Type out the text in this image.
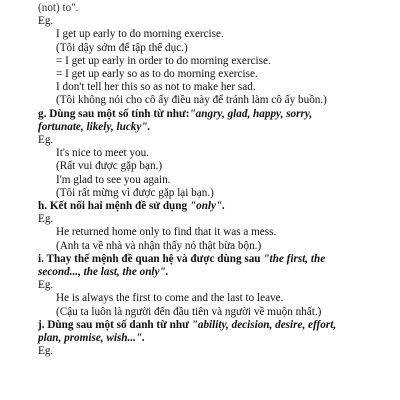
(not) to".
Eg.
I get up early to do morning exercise.
(Tôi dậy sớm để tập thể dục.)
= I get up early in order to do morning exercise.
= I get up early so as to do morning exercise.
I don't tell her this so as not to make her sad.
(Tôi không nói cho cô ấy điều này để tránh làm cô ấy buồn.)
g. Dùng sau một số tính từ như:"angry, glad, happy, sorry,
fortunate, likely, lucky".
Eg.
It's nice to meet you.
(Rất vui được gặp bạn.)
I'm glad to see you again.
(Tôi rất mừng vì được gặp lại bạn.)
h. Kết nối hai mệnh đề sử dụng "only".
Eg.
He returned home only to find that it was a mess.
(Anh ta về nhà và nhận thấy nó thật bừa bộn.)
i. Thay thế mệnh đề quan hệ và được dùng sau "the first, the
second..., the last, the only".
Eg.
He is always the first to come and the last to leave.
(Cậu ta luôn là người đến đầu tiên và người về muộn nhất.)
j. Dùng sau một số danh từ như "ability, decision, desire, effort,
plan, promise, wish...".
Eg.
